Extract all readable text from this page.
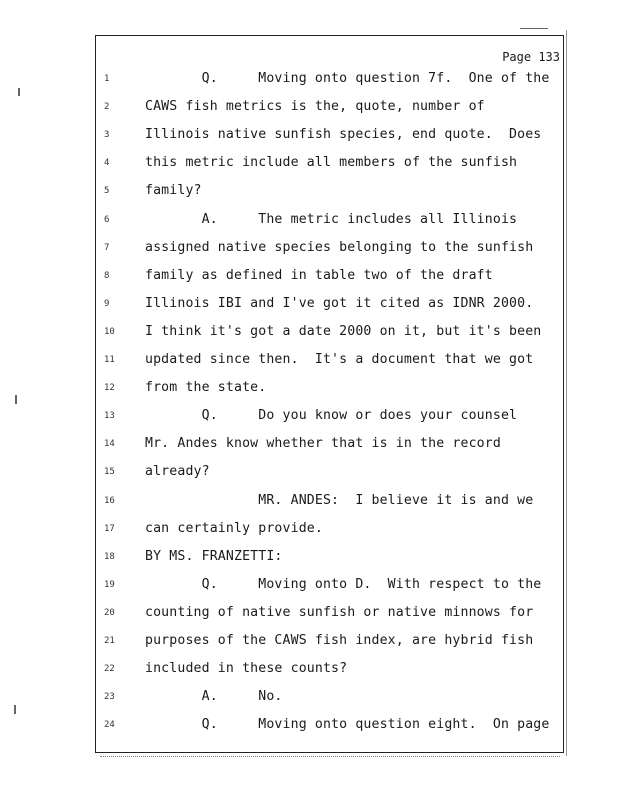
Page 133
1	Q.     Moving onto question 7f.  One of the
2	CAWS fish metrics is the, quote, number of
3	Illinois native sunfish species, end quote.  Does
4	this metric include all members of the sunfish
5	family?
6	A.     The metric includes all Illinois
7	assigned native species belonging to the sunfish
8	family as defined in table two of the draft
9	Illinois IBI and I've got it cited as IDNR 2000.
10	I think it's got a date 2000 on it, but it's been
11	updated since then.  It's a document that we got
12	from the state.
13	Q.     Do you know or does your counsel
14	Mr. Andes know whether that is in the record
15	already?
16	MR. ANDES:  I believe it is and we
17	can certainly provide.
18	BY MS. FRANZETTI:
19	Q.     Moving onto D.  With respect to the
20	counting of native sunfish or native minnows for
21	purposes of the CAWS fish index, are hybrid fish
22	included in these counts?
23	A.     No.
24	Q.     Moving onto question eight.  On page
